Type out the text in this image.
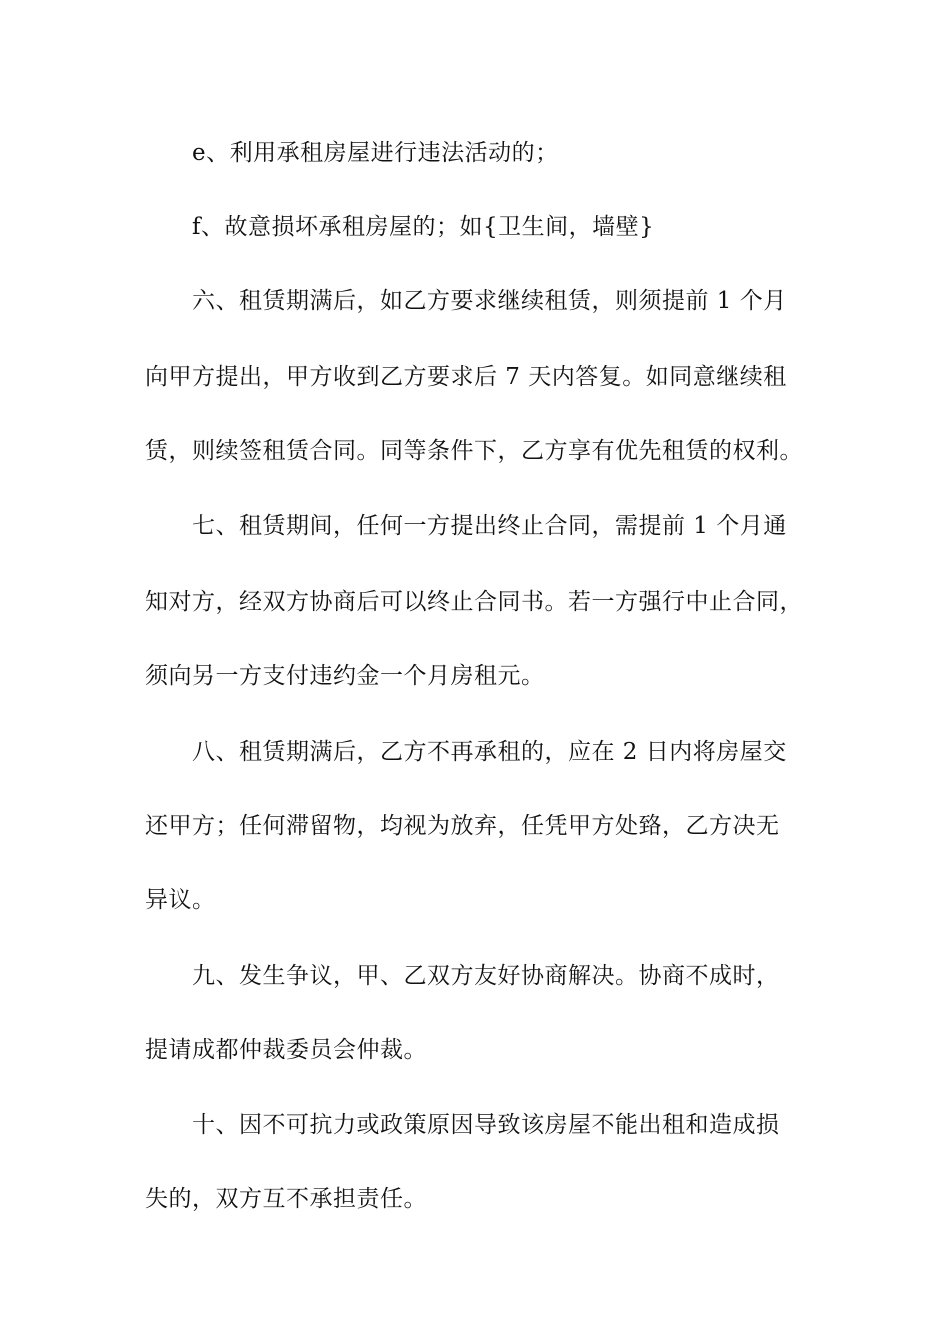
e、利用承租房屋进行违法活动的；
f、故意损坏承租房屋的；如{卫生间，墙壁}
六、租赁期满后，如乙方要求继续租赁，则须提前 1 个月
向甲方提出，甲方收到乙方要求后 7 天内答复。如同意继续租
赁，则续签租赁合同。同等条件下，乙方享有优先租赁的权利。
七、租赁期间，任何一方提出终止合同，需提前 1 个月通
知对方，经双方协商后可以终止合同书。若一方强行中止合同，
须向另一方支付违约金一个月房租元。
八、租赁期满后，乙方不再承租的，应在 2 日内将房屋交
还甲方；任何滞留物，均视为放弃，任凭甲方处臵，乙方决无
异议。
九、发生争议，甲、乙双方友好协商解决。协商不成时，
提请成都仲裁委员会仲裁。
十、因不可抗力或政策原因导致该房屋不能出租和造成损
失的，双方互不承担责任。
